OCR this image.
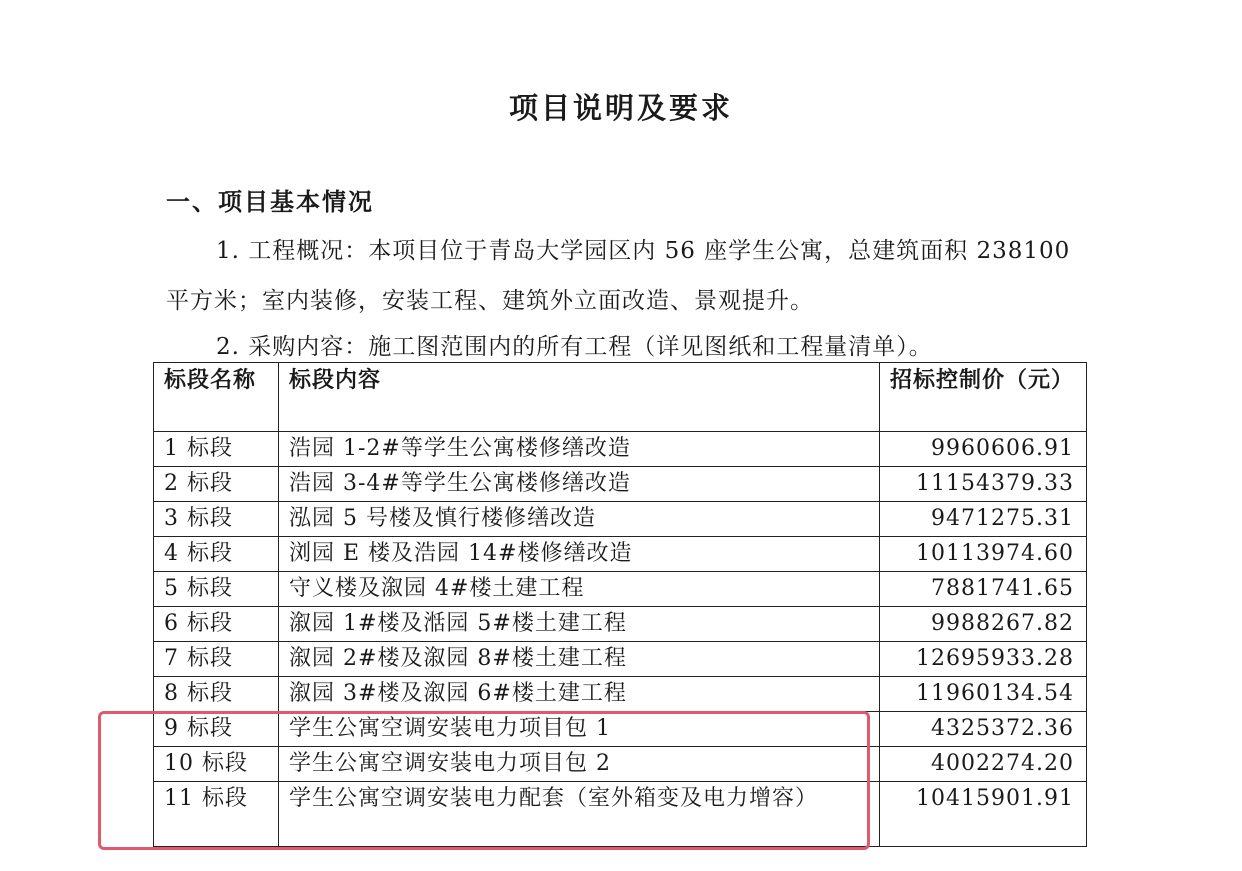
项目说明及要求
一、项目基本情况
1. 工程概况：本项目位于青岛大学园区内 56 座学生公寓，总建筑面积 238100
平方米；室内装修，安装工程、建筑外立面改造、景观提升。
2. 采购内容：施工图范围内的所有工程（详见图纸和工程量清单）。
标段名称	标段内容	招标控制价（元）
1 标段	浩园 1-2#等学生公寓楼修缮改造	9960606.91
2 标段	浩园 3-4#等学生公寓楼修缮改造	11154379.33
3 标段	泓园 5 号楼及慎行楼修缮改造	9471275.31
4 标段	浏园 E 楼及浩园 14#楼修缮改造	10113974.60
5 标段	守义楼及溆园 4#楼土建工程	7881741.65
6 标段	溆园 1#楼及湉园 5#楼土建工程	9988267.82
7 标段	溆园 2#楼及溆园 8#楼土建工程	12695933.28
8 标段	溆园 3#楼及溆园 6#楼土建工程	11960134.54
9 标段	学生公寓空调安装电力项目包 1	4325372.36
10 标段	学生公寓空调安装电力项目包 2	4002274.20
11 标段	学生公寓空调安装电力配套（室外箱变及电力增容）	10415901.91
